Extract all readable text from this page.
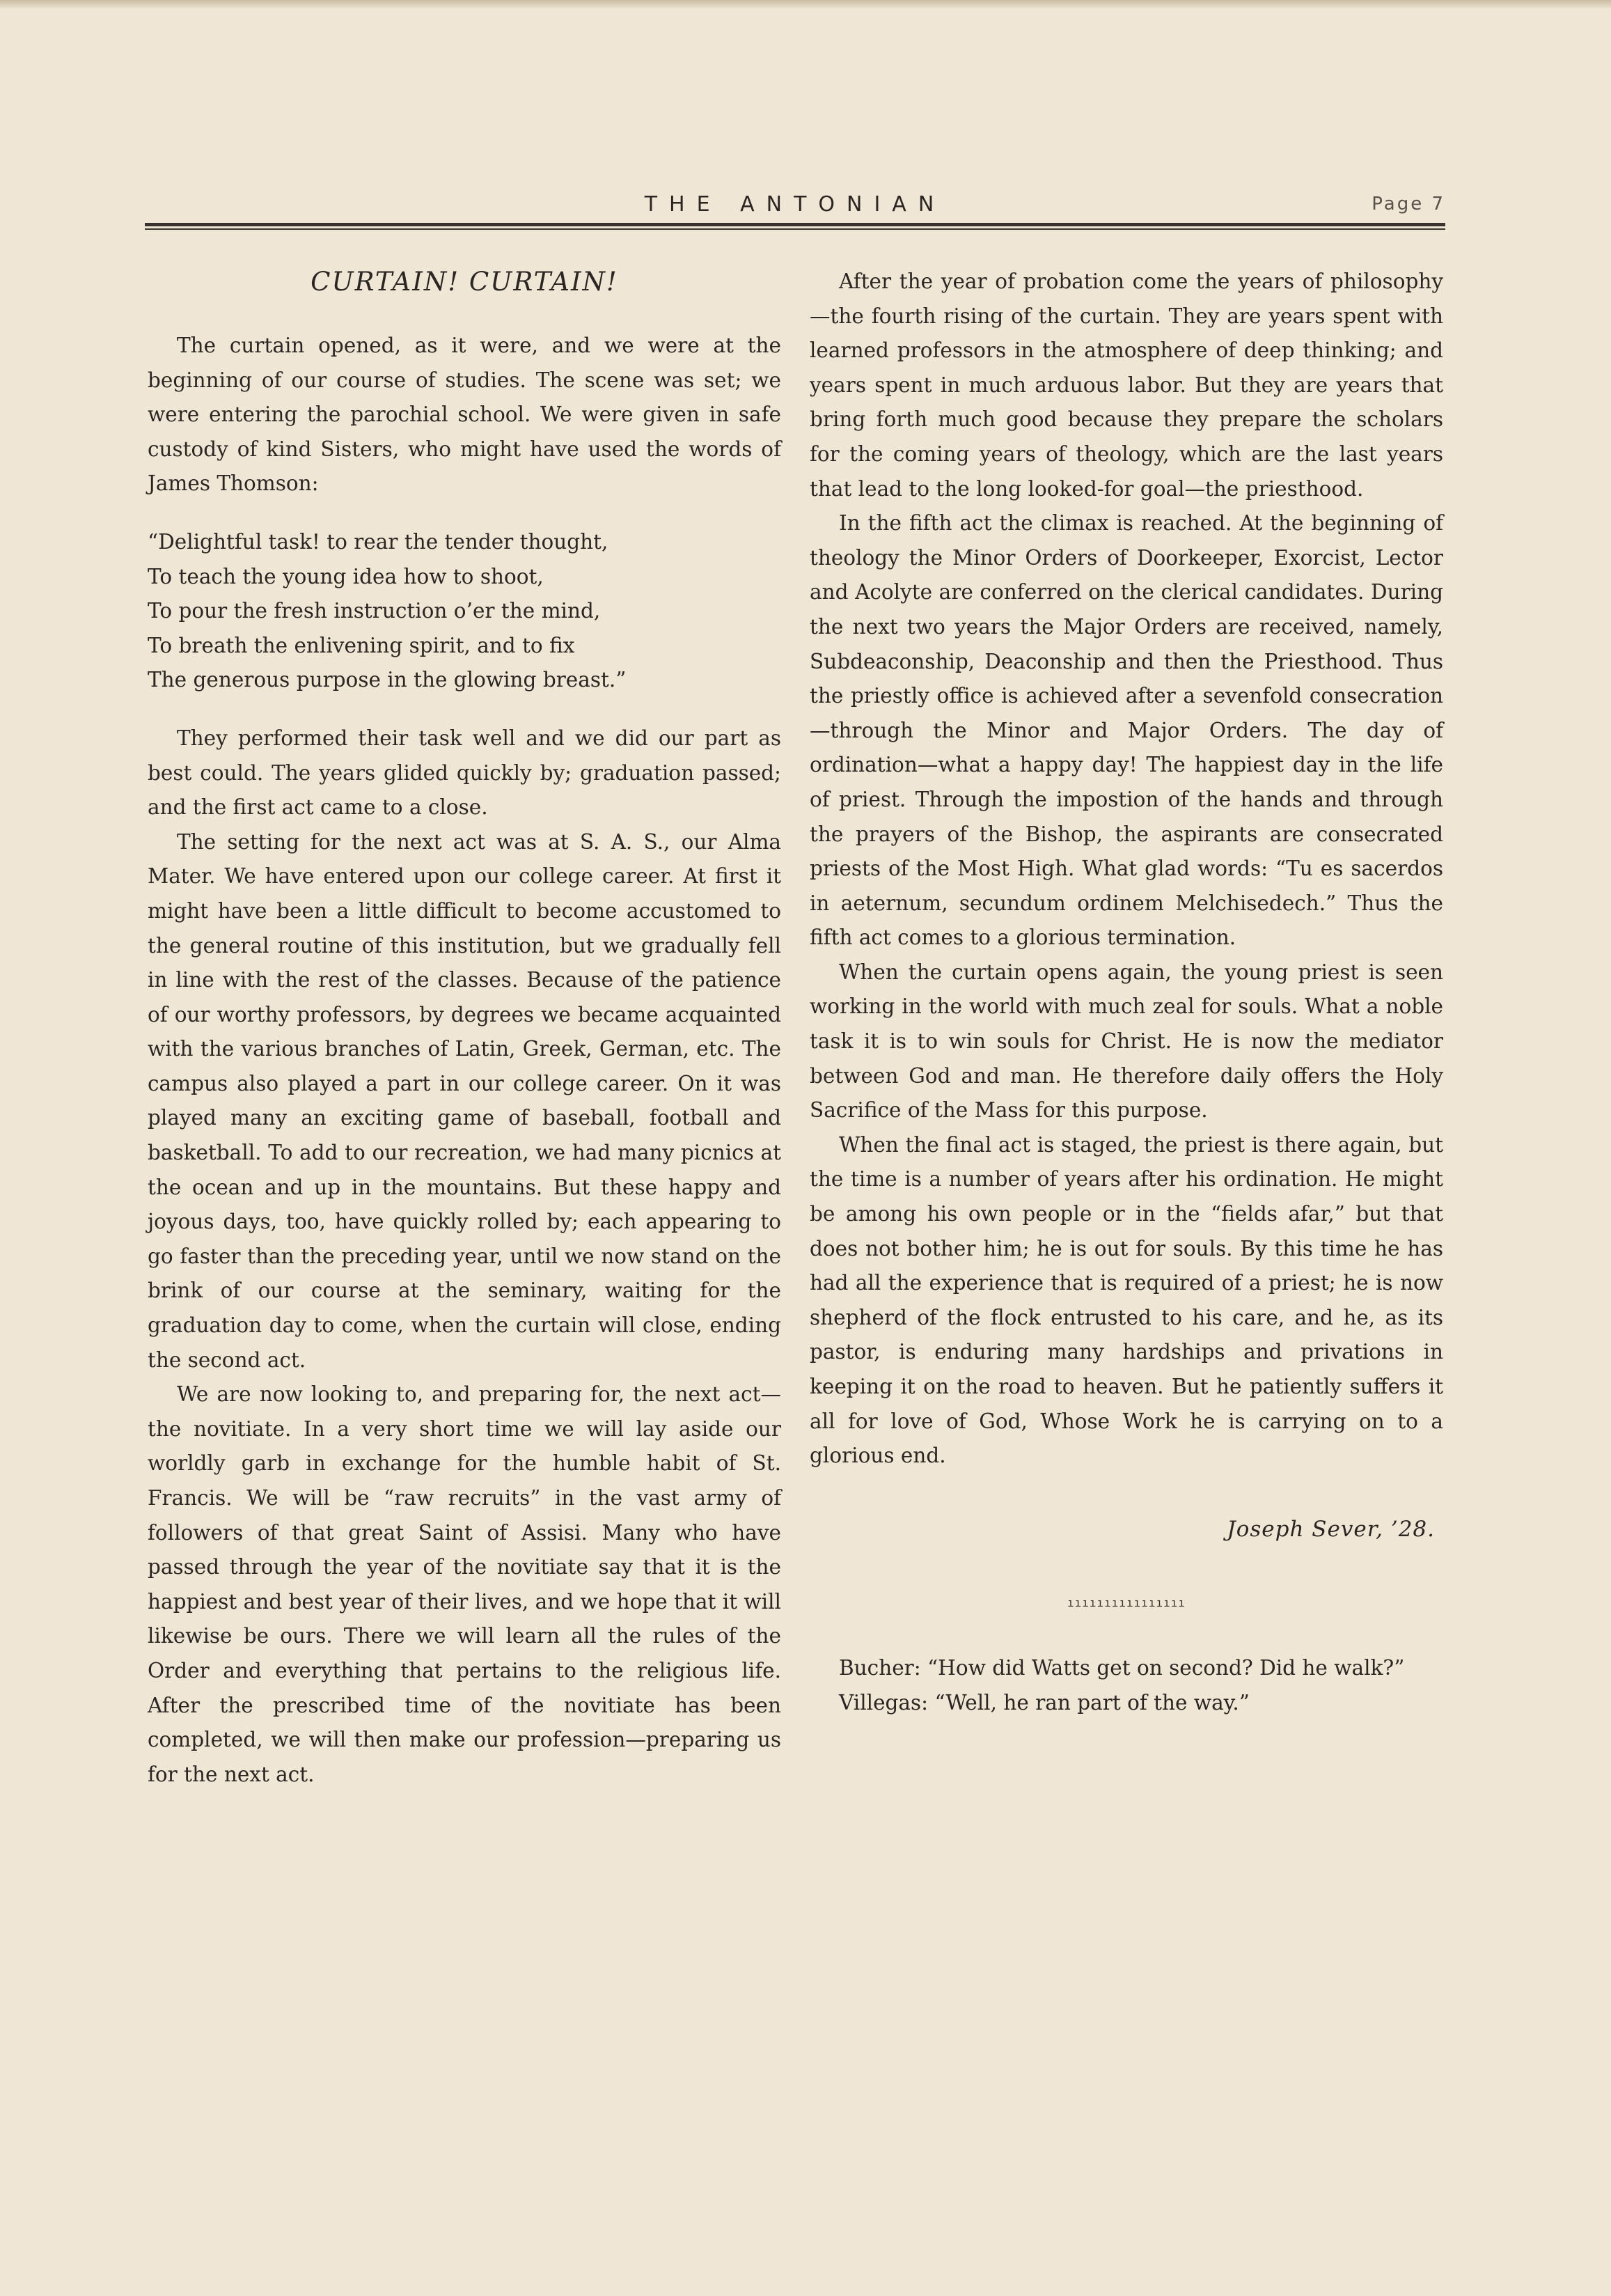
THE ANTONIAN	Page 7
CURTAIN! CURTAIN!

The curtain opened, as it were, and we were at the beginning of our course of studies. The scene was set; we were entering the parochial school. We were given in safe custody of kind Sisters, who might have used the words of James Thomson:

“Delightful task! to rear the tender thought,
To teach the young idea how to shoot,
To pour the fresh instruction o’er the mind,
To breath the enlivening spirit, and to fix
The generous purpose in the glowing breast.”

They performed their task well and we did our part as best could. The years glided quickly by; graduation passed; and the first act came to a close.

The setting for the next act was at S. A. S., our Alma Mater. We have entered upon our college career. At first it might have been a little difficult to become accustomed to the general routine of this institution, but we gradually fell in line with the rest of the classes. Because of the patience of our worthy professors, by degrees we became acquainted with the various branches of Latin, Greek, German, etc. The campus also played a part in our college career. On it was played many an exciting game of baseball, football and basketball. To add to our recreation, we had many picnics at the ocean and up in the mountains. But these happy and joyous days, too, have quickly rolled by; each appearing to go faster than the preceding year, until we now stand on the brink of our course at the seminary, waiting for the graduation day to come, when the curtain will close, ending the second act.

We are now looking to, and preparing for, the next act—the novitiate. In a very short time we will lay aside our worldly garb in exchange for the humble habit of St. Francis. We will be “raw recruits” in the vast army of followers of that great Saint of Assisi. Many who have passed through the year of the novitiate say that it is the happiest and best year of their lives, and we hope that it will likewise be ours. There we will learn all the rules of the Order and everything that pertains to the religious life. After the prescribed time of the novitiate has been completed, we will then make our profession—preparing us for the next act.

After the year of probation come the years of philosophy—the fourth rising of the curtain. They are years spent with learned professors in the atmosphere of deep thinking; and years spent in much arduous labor. But they are years that bring forth much good because they prepare the scholars for the coming years of theology, which are the last years that lead to the long looked-for goal—the priesthood.

In the fifth act the climax is reached. At the beginning of theology the Minor Orders of Doorkeeper, Exorcist, Lector and Acolyte are conferred on the clerical candidates. During the next two years the Major Orders are received, namely, Subdeaconship, Deaconship and then the Priesthood. Thus the priestly office is achieved after a sevenfold consecration—through the Minor and Major Orders. The day of ordination—what a happy day! The happiest day in the life of priest. Through the impostion of the hands and through the prayers of the Bishop, the aspirants are consecrated priests of the Most High. What glad words: “Tu es sacerdos in aeternum, secundum ordinem Melchisedech.” Thus the fifth act comes to a glorious termination.

When the curtain opens again, the young priest is seen working in the world with much zeal for souls. What a noble task it is to win souls for Christ. He is now the mediator between God and man. He therefore daily offers the Holy Sacrifice of the Mass for this purpose.

When the final act is staged, the priest is there again, but the time is a number of years after his ordination. He might be among his own people or in the “fields afar,” but that does not bother him; he is out for souls. By this time he has had all the experience that is required of a priest; he is now shepherd of the flock entrusted to his care, and he, as its pastor, is enduring many hardships and privations in keeping it on the road to heaven. But he patiently suffers it all for love of God, Whose Work he is carrying on to a glorious end.

Joseph Sever, ’28.
ıııııııııııııııı

Bucher: “How did Watts get on second? Did he walk?”

Villegas: “Well, he ran part of the way.”
